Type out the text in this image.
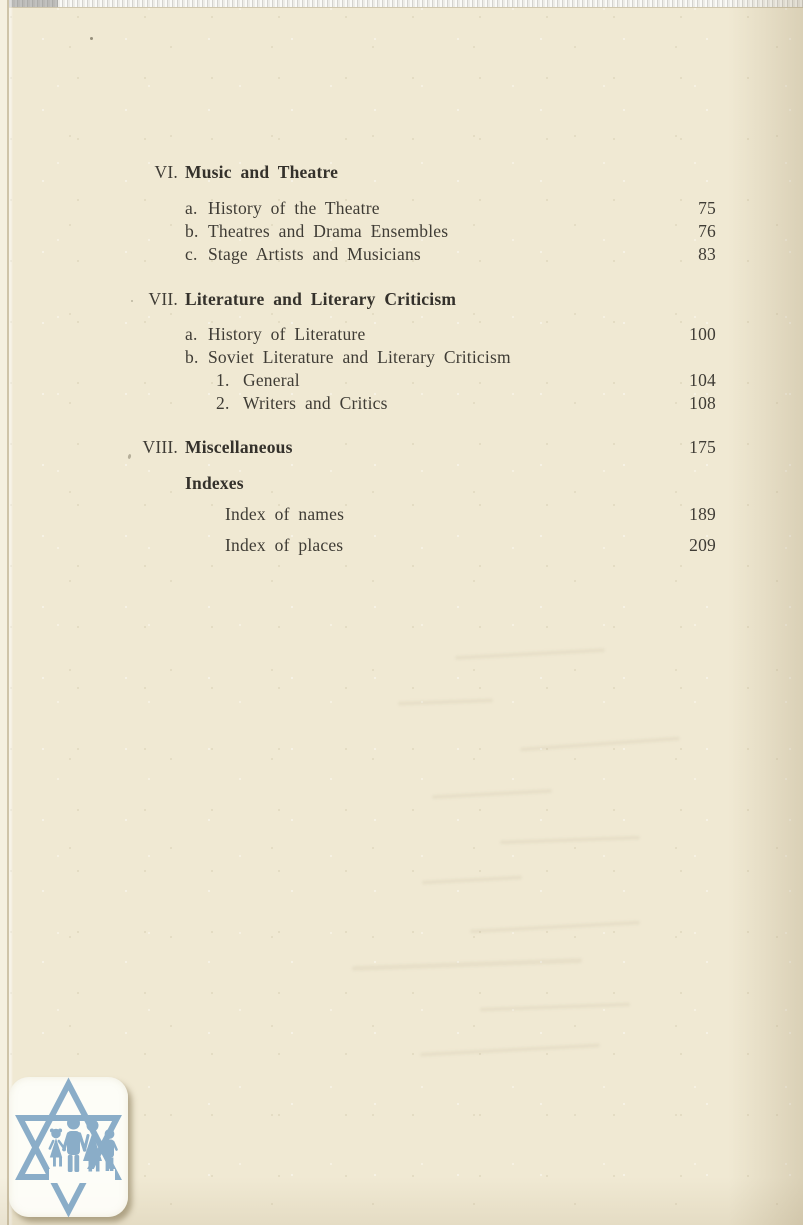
VI. Music and Theatre
a. History of the Theatre	75
b. Theatres and Drama Ensembles	76
c. Stage Artists and Musicians	83
VII. Literature and Literary Criticism
a. History of Literature	100
b. Soviet Literature and Literary Criticism
1. General	104
2. Writers and Critics	108
VIII. Miscellaneous	175
Indexes
Index of names	189
Index of places	209
